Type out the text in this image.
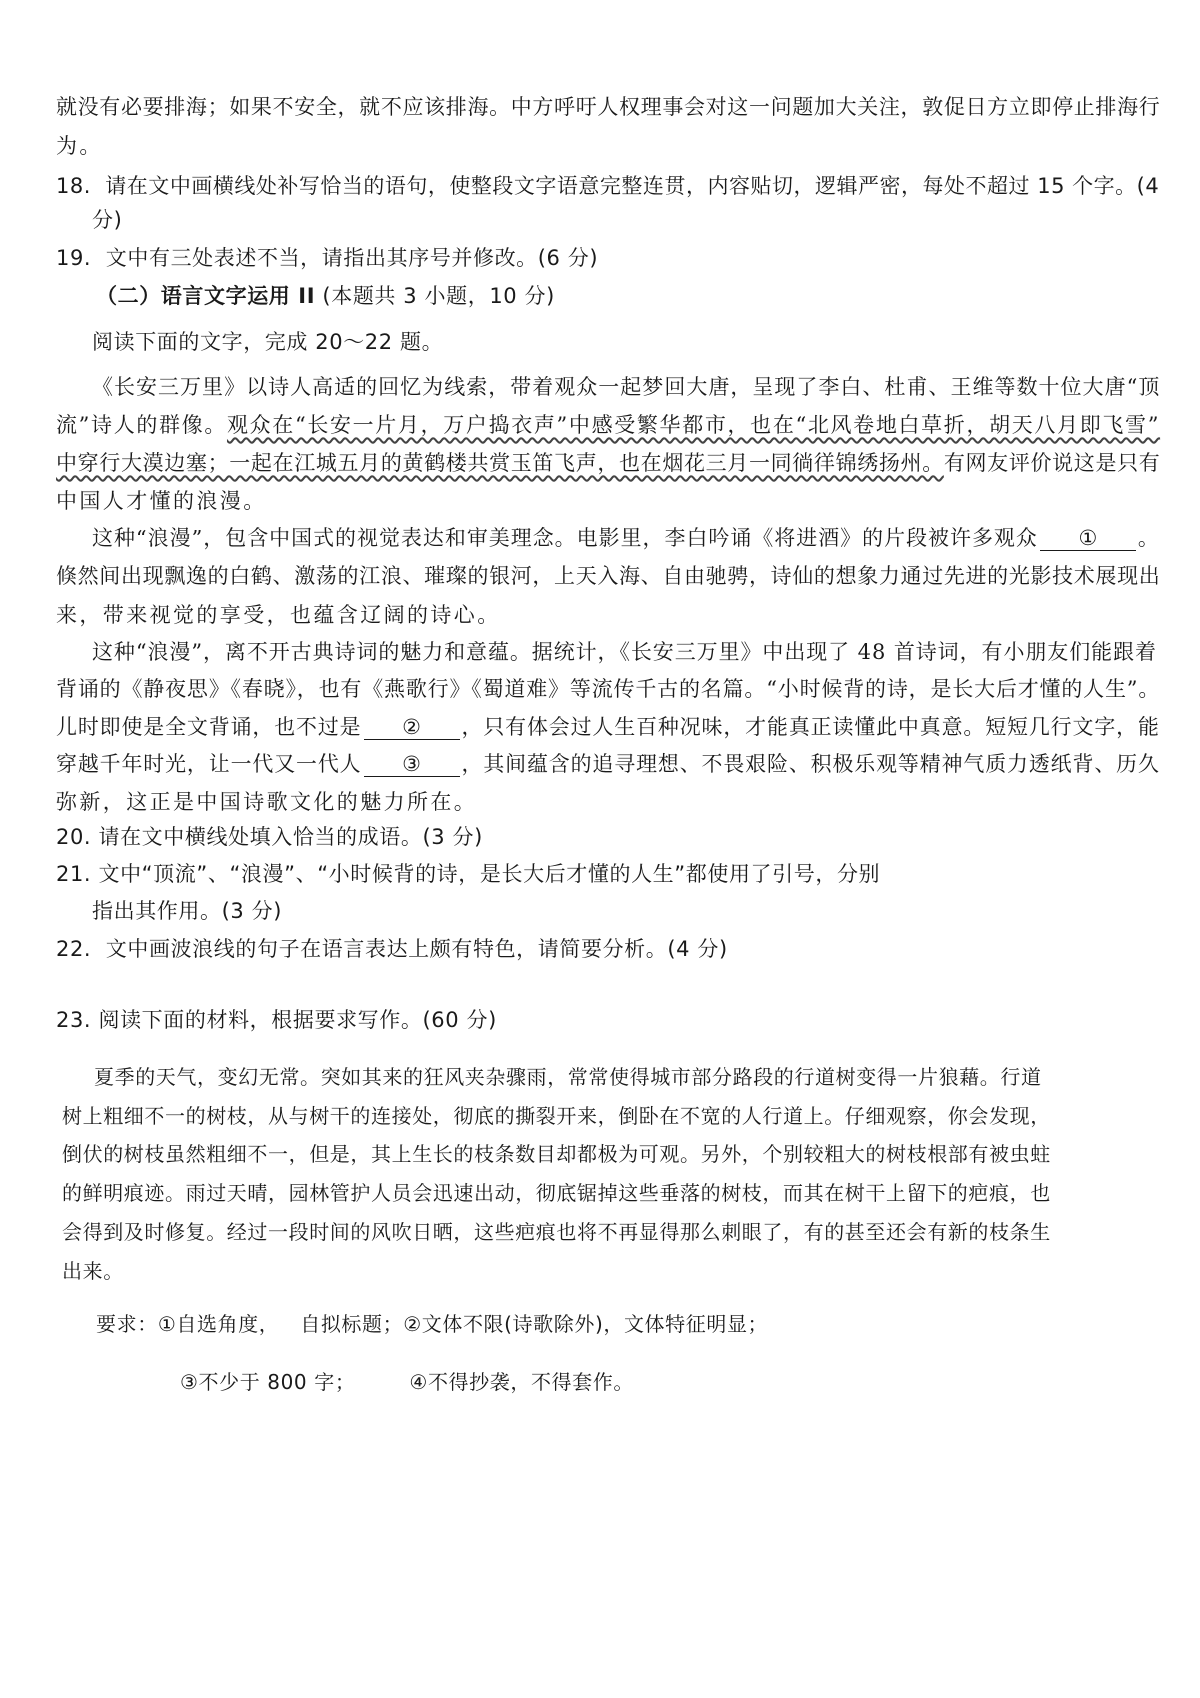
就没有必要排海；如果不安全，就不应该排海。中方呼吁人权理事会对这一问题加大关注，敦促日方立即停止排海行

为。

18. 请在文中画横线处补写恰当的语句，使整段文字语意完整连贯，内容贴切，逻辑严密，每处不超过 15 个字。(4

分)

19. 文中有三处表述不当，请指出其序号并修改。(6 分)

（二）语言文字运用 II (本题共 3 小题，10 分)

阅读下面的文字，完成 20～22 题。

《长安三万里》以诗人高适的回忆为线索，带着观众一起梦回大唐，呈现了李白、杜甫、王维等数十位大唐“顶

流”诗人的群像。观众在“长安一片月，万户捣衣声”中感受繁华都市，也在“北风卷地白草折，胡天八月即飞雪”

中穿行大漠边塞；一起在江城五月的黄鹤楼共赏玉笛飞声，也在烟花三月一同徜徉锦绣扬州。有网友评价说这是只有

中国人才懂的浪漫。

这种“浪漫”，包含中国式的视觉表达和审美理念。电影里，李白吟诵《将进酒》的片段被许多观众 ① 。

倏然间出现飘逸的白鹤、激荡的江浪、璀璨的银河，上天入海、自由驰骋，诗仙的想象力通过先进的光影技术展现出

来，带来视觉的享受，也蕴含辽阔的诗心。

这种“浪漫”，离不开古典诗词的魅力和意蕴。据统计，《长安三万里》中出现了 48 首诗词，有小朋友们能跟着

背诵的《静夜思》《春晓》，也有《燕歌行》《蜀道难》等流传千古的名篇。“小时候背的诗，是长大后才懂的人生”。

儿时即使是全文背诵，也不过是 ② ，只有体会过人生百种况味，才能真正读懂此中真意。短短几行文字，能

穿越千年时光，让一代又一代人 ③ ，其间蕴含的追寻理想、不畏艰险、积极乐观等精神气质力透纸背、历久

弥新，这正是中国诗歌文化的魅力所在。

20. 请在文中横线处填入恰当的成语。(3 分)

21. 文中“顶流”、“浪漫”、“小时候背的诗，是长大后才懂的人生”都使用了引号，分别

指出其作用。(3 分)

22. 文中画波浪线的句子在语言表达上颇有特色，请简要分析。(4 分)

23. 阅读下面的材料，根据要求写作。(60 分)

夏季的天气，变幻无常。突如其来的狂风夹杂骤雨，常常使得城市部分路段的行道树变得一片狼藉。行道

树上粗细不一的树枝，从与树干的连接处，彻底的撕裂开来，倒卧在不宽的人行道上。仔细观察，你会发现，

倒伏的树枝虽然粗细不一，但是，其上生长的枝条数目却都极为可观。另外，个别较粗大的树枝根部有被虫蛀

的鲜明痕迹。雨过天晴，园林管护人员会迅速出动，彻底锯掉这些垂落的树枝，而其在树干上留下的疤痕，也

会得到及时修复。经过一段时间的风吹日晒，这些疤痕也将不再显得那么刺眼了，有的甚至还会有新的枝条生

出来。

要求：①自选角度， 自拟标题；②文体不限(诗歌除外)，文体特征明显；

③不少于 800 字；	④不得抄袭，不得套作。
